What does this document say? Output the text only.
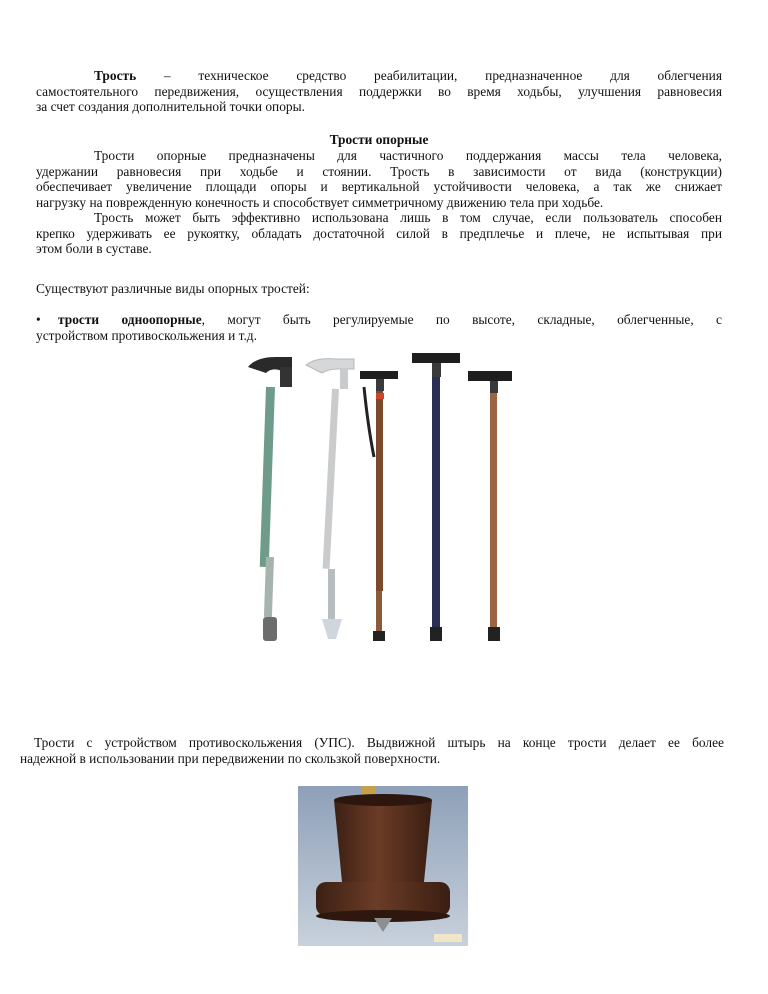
Трость – техническое средство реабилитации, предназначенное для облегчения

самостоятельного передвижения, осуществления поддержки во время ходьбы, улучшения равновесия

за счет создания дополнительной точки опоры.

Трости опорные

Трости опорные предназначены для частичного поддержания массы тела человека,

удержании равновесия при ходьбе и стоянии. Трость в зависимости от вида (конструкции)

обеспечивает увеличение площади опоры и вертикальной устойчивости человека, а так же снижает

нагрузку на поврежденную конечность и способствует симметричному движению тела при ходьбе.

Трость может быть эффективно использована лишь в том случае, если пользователь способен

крепко удерживать ее рукоятку, обладать достаточной силой в предплечье и плече, не испытывая при

этом боли в суставе.

Существуют различные виды опорных тростей:
• трости одноопорные, могут быть регулируемые по высоте, складные, облегченные, с

устройством противоскольжения и т.д.

Трости с устройством противоскольжения (УПС). Выдвижной штырь на конце трости делает ее более

надежной в использовании при передвижении по скользкой поверхности.
